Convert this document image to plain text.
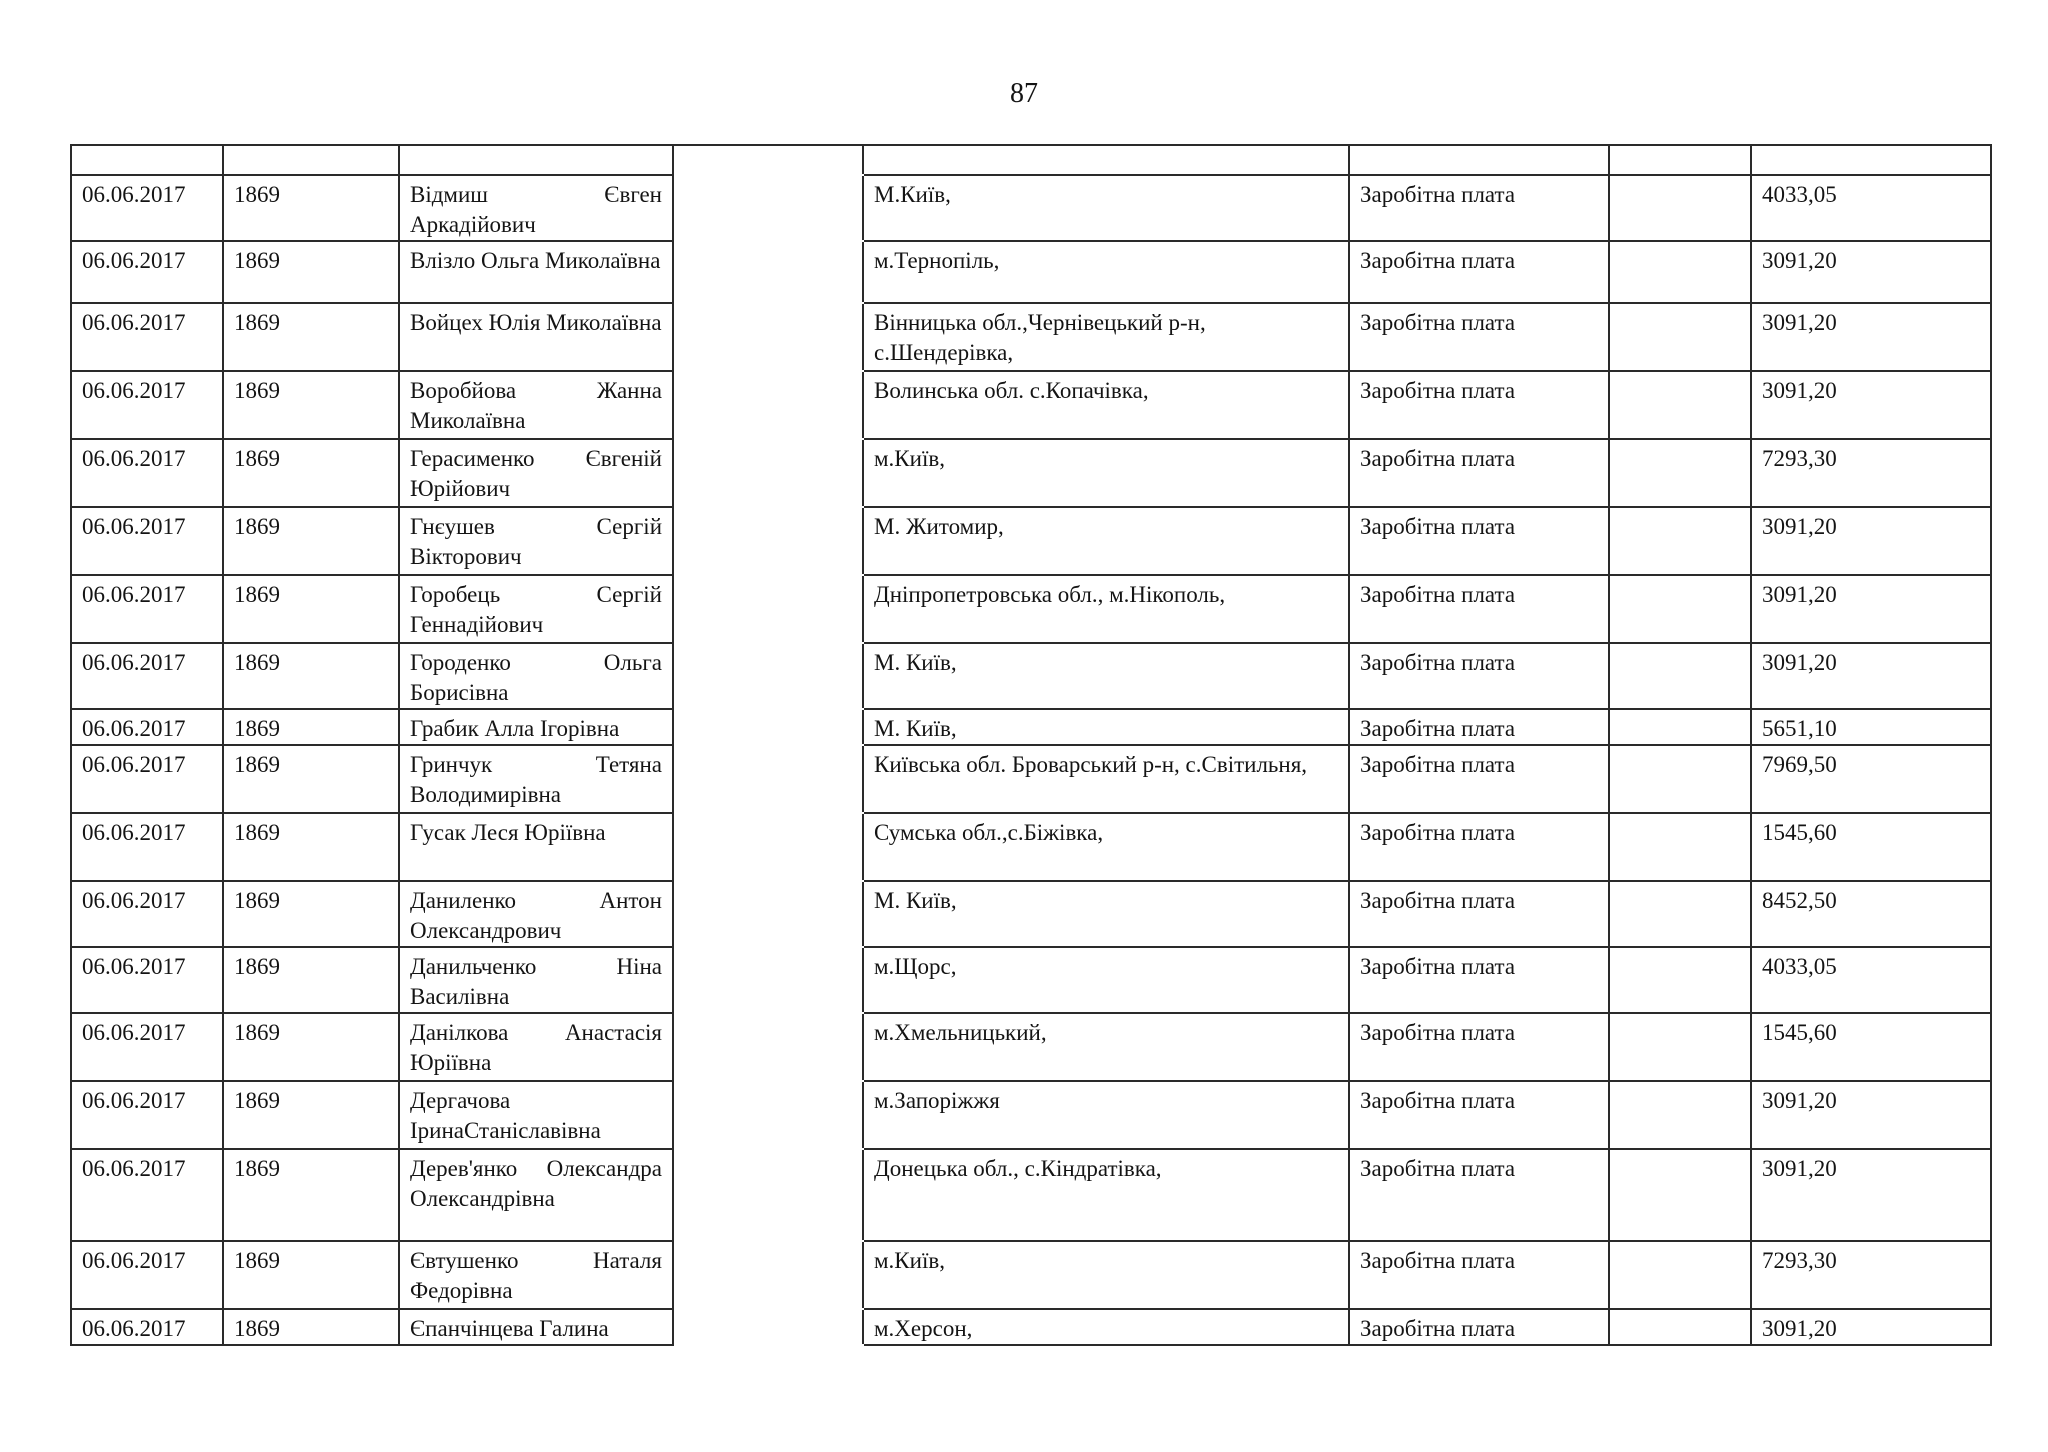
87

06.06.2017	1869	Відмиш Євген Аркадійович		М.Київ,	Заробітна плата		4033,05
06.06.2017	1869	Влізло Ольга Миколаївна		м.Тернопіль,	Заробітна плата		3091,20
06.06.2017	1869	Войцех Юлія Миколаївна		Вінницька обл.,Чернівецький р-н, с.Шендерівка,	Заробітна плата		3091,20
06.06.2017	1869	Воробйова Жанна Миколаївна		Волинська обл. с.Копачівка,	Заробітна плата		3091,20
06.06.2017	1869	Герасименко Євгеній Юрійович		м.Київ,	Заробітна плата		7293,30
06.06.2017	1869	Гнєушев Сергій Вікторович		М. Житомир,	Заробітна плата		3091,20
06.06.2017	1869	Горобець Сергій Геннадійович		Дніпропетровська обл., м.Нікополь,	Заробітна плата		3091,20
06.06.2017	1869	Городенко Ольга Борисівна		М. Київ,	Заробітна плата		3091,20
06.06.2017	1869	Грабик Алла Ігорівна		М. Київ,	Заробітна плата		5651,10
06.06.2017	1869	Гринчук Тетяна Володимирівна		Київська обл. Броварський р-н, с.Світильня,	Заробітна плата		7969,50
06.06.2017	1869	Гусак Леся Юріївна		Сумська обл.,с.Біжівка,	Заробітна плата		1545,60
06.06.2017	1869	Даниленко Антон Олександрович		М. Київ,	Заробітна плата		8452,50
06.06.2017	1869	Данильченко Ніна Василівна		м.Щорс,	Заробітна плата		4033,05
06.06.2017	1869	Данілкова Анастасія Юріївна		м.Хмельницький,	Заробітна плата		1545,60
06.06.2017	1869	Дергачова ІринаСтаніславівна		м.Запоріжжя	Заробітна плата		3091,20
06.06.2017	1869	Дерев'янко Олександра Олександрівна		Донецька обл., с.Кіндратівка,	Заробітна плата		3091,20
06.06.2017	1869	Євтушенко Наталя Федорівна		м.Київ,	Заробітна плата		7293,30
06.06.2017	1869	Єпанчінцева Галина		м.Херсон,	Заробітна плата		3091,20
